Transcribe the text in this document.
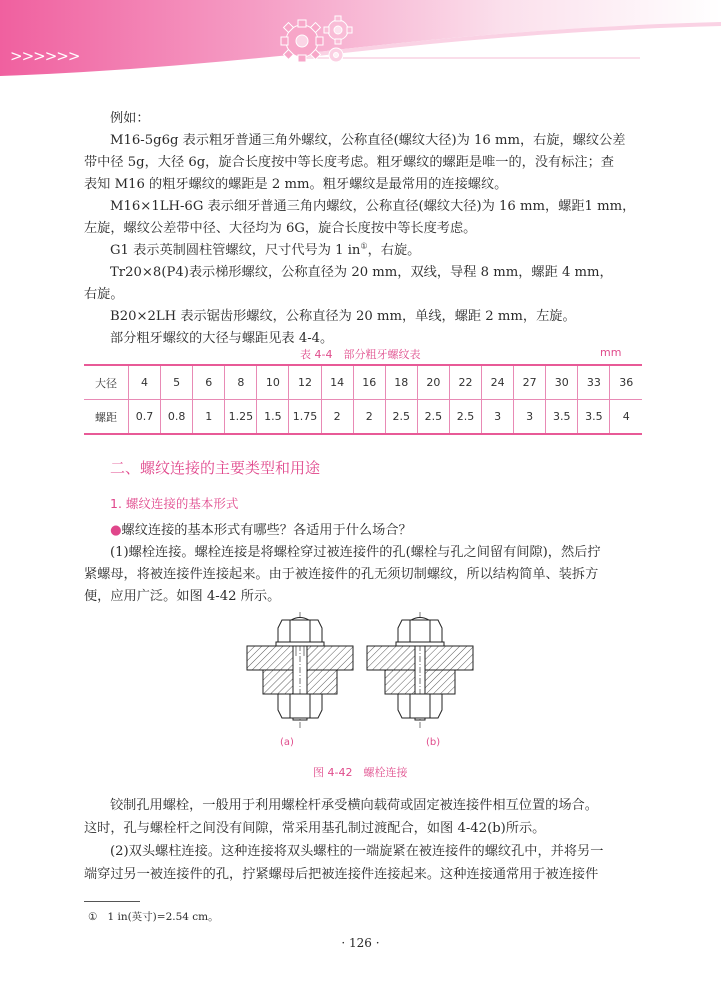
>>>>>>
例如：
M16-5g6g 表示粗牙普通三角外螺纹，公称直径(螺纹大径)为 16 mm，右旋，螺纹公差
带中径 5g，大径 6g，旋合长度按中等长度考虑。粗牙螺纹的螺距是唯一的，没有标注；查
表知 M16 的粗牙螺纹的螺距是 2 mm。粗牙螺纹是最常用的连接螺纹。
M16×1LH-6G 表示细牙普通三角内螺纹，公称直径(螺纹大径)为 16 mm，螺距1 mm，
左旋，螺纹公差带中径、大径均为 6G，旋合长度按中等长度考虑。
G1 表示英制圆柱管螺纹，尺寸代号为 1 in①，右旋。
Tr20×8(P4)表示梯形螺纹，公称直径为 20 mm，双线，导程 8 mm，螺距 4 mm，
右旋。
B20×2LH 表示锯齿形螺纹，公称直径为 20 mm，单线，螺距 2 mm，左旋。
部分粗牙螺纹的大径与螺距见表 4-4。
表 4-4　部分粗牙螺纹表	mm
大径	4	5	6	8	10	12	14	16	18	20	22	24	27	30	33	36
螺距	0.7	0.8	1	1.25	1.5	1.75	2	2	2.5	2.5	2.5	3	3	3.5	3.5	4
二、螺纹连接的主要类型和用途
1. 螺纹连接的基本形式
●螺纹连接的基本形式有哪些？各适用于什么场合？
(1)螺栓连接。螺栓连接是将螺栓穿过被连接件的孔(螺栓与孔之间留有间隙)，然后拧
紧螺母，将被连接件连接起来。由于被连接件的孔无须切制螺纹，所以结构简单、装拆方
便，应用广泛。如图 4-42 所示。
(a)	(b)
图 4-42　螺栓连接
铰制孔用螺栓，一般用于利用螺栓杆承受横向载荷或固定被连接件相互位置的场合。
这时，孔与螺栓杆之间没有间隙，常采用基孔制过渡配合，如图 4-42(b)所示。
(2)双头螺柱连接。这种连接将双头螺柱的一端旋紧在被连接件的螺纹孔中，并将另一
端穿过另一被连接件的孔，拧紧螺母后把被连接件连接起来。这种连接通常用于被连接件
① 1 in(英寸)=2.54 cm。
· 126 ·
